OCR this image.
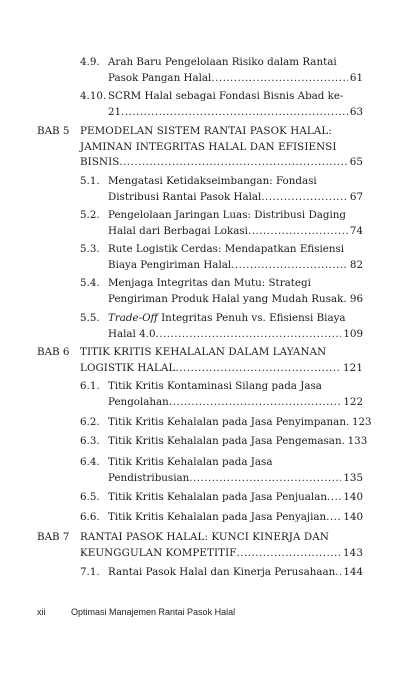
4.9. Arah Baru Pengelolaan Risiko dalam Rantai
Pasok Pangan Halal . . .	61
4.10. SCRM Halal sebagai Fondasi Bisnis Abad ke-
21 . . .	63
BAB 5 PEMODELAN SISTEM RANTAI PASOK HALAL:
JAMINAN INTEGRITAS HALAL DAN EFISIENSI
BISNIS . . .	65
5.1. Mengatasi Ketidakseimbangan: Fondasi
Distribusi Rantai Pasok Halal . . .	67
5.2. Pengelolaan Jaringan Luas: Distribusi Daging
Halal dari Berbagai Lokasi . . .	74
5.3. Rute Logistik Cerdas: Mendapatkan Efisiensi
Biaya Pengiriman Halal . . .	82
5.4. Menjaga Integritas dan Mutu: Strategi
Pengiriman Produk Halal yang Mudah Rusak . . . 96
5.5. Trade-Off Integritas Penuh vs. Efisiensi Biaya
Halal 4.0 . . .	109
BAB 6 TITIK KRITIS KEHALALAN DALAM LAYANAN
LOGISTIK HALAL . . .	121
6.1. Titik Kritis Kontaminasi Silang pada Jasa
Pengolahan . . .	122
6.2. Titik Kritis Kehalalan pada Jasa Penyimpanan . . . 123
6.3. Titik Kritis Kehalalan pada Jasa Pengemasan . . . 133
6.4. Titik Kritis Kehalalan pada Jasa
Pendistribusian . . .	135
6.5. Titik Kritis Kehalalan pada Jasa Penjualan . . . 140
6.6. Titik Kritis Kehalalan pada Jasa Penyajian . . . 140
BAB 7 RANTAI PASOK HALAL: KUNCI KINERJA DAN
KEUNGGULAN KOMPETITIF . . .	143
7.1. Rantai Pasok Halal dan Kinerja Perusahaan . . . 144
xii	Optimasi Manajemen Rantai Pasok Halal
